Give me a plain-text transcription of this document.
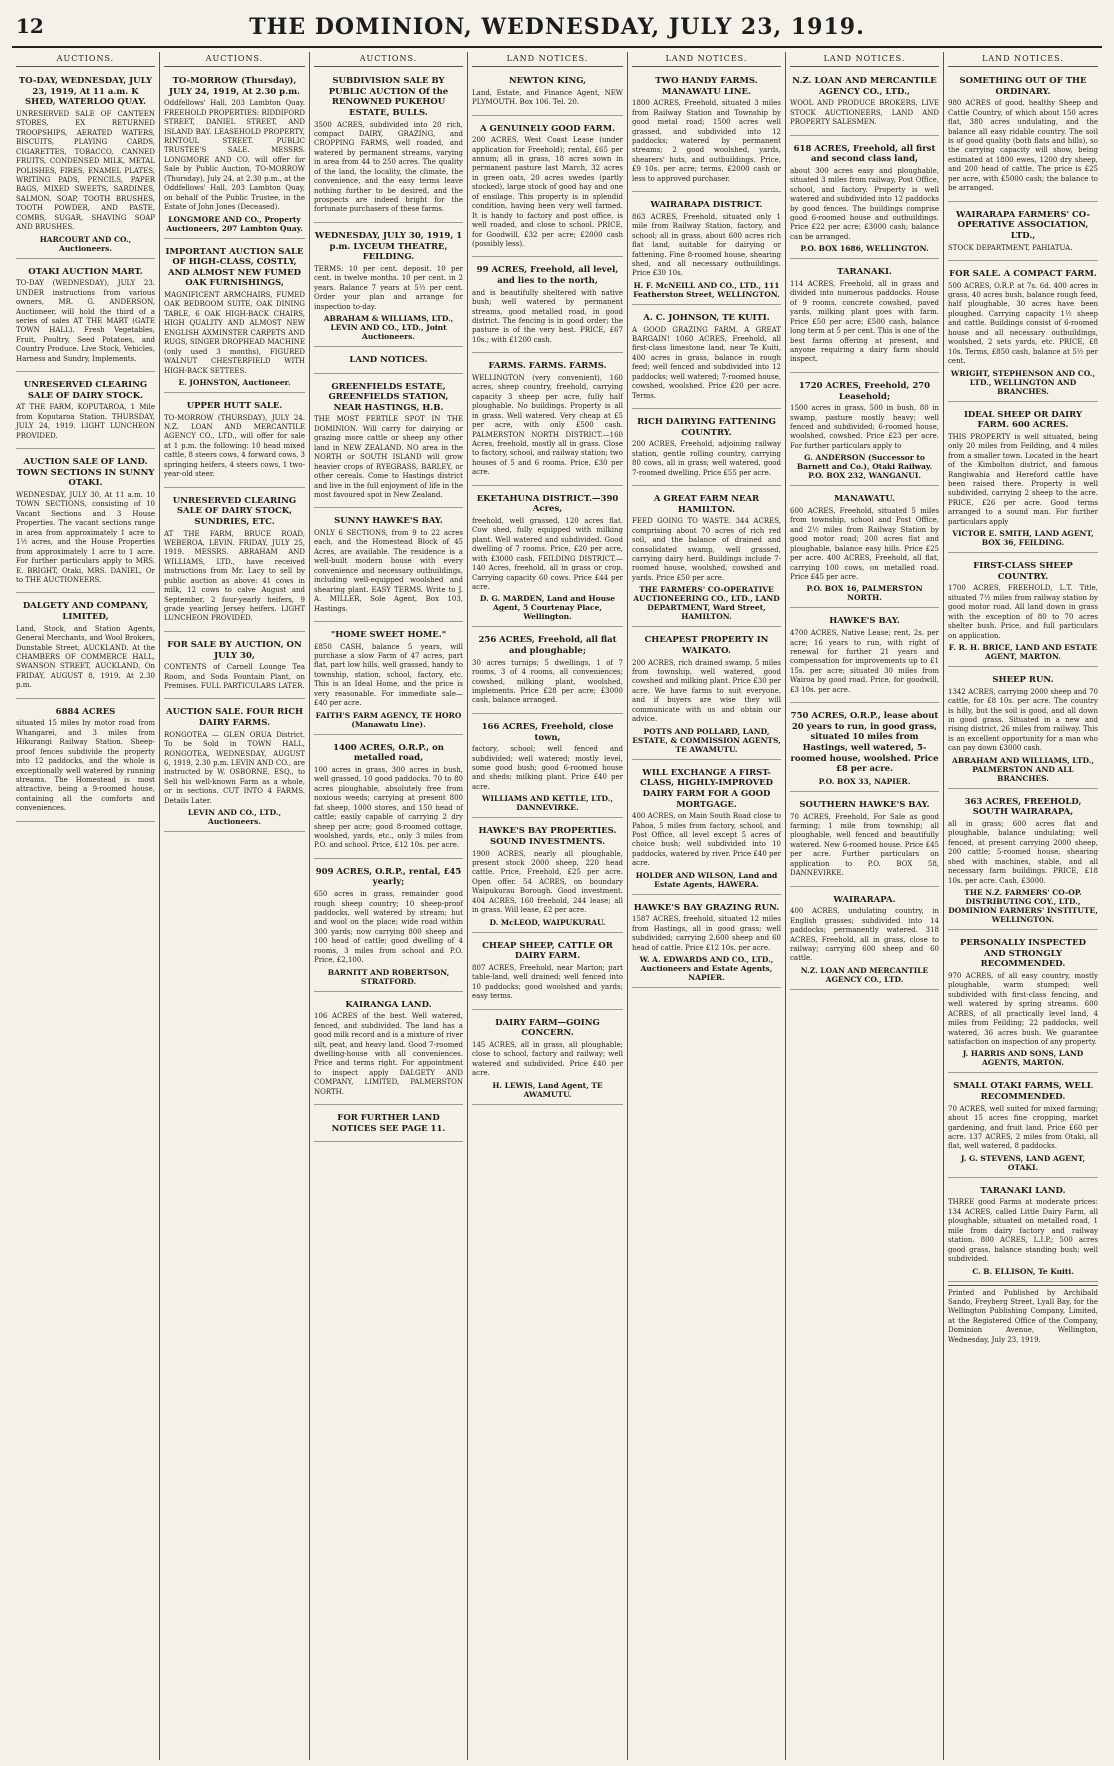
12	THE DOMINION, WEDNESDAY, JULY 23, 1919.
AUCTIONS.
TO-DAY, WEDNESDAY, JULY 23, 1919, At 11 a.m. K SHED, WATERLOO QUAY.
UNRESERVED SALE OF CANTEEN STORES, EX RETURNED TROOPSHIPS, AERATED WATERS, BISCUITS, PLAYING CARDS, CIGARETTES, TOBACCO, CANNED FRUITS, CONDENSED MILK, METAL POLISHES, FIRES, ENAMEL PLATES, WRITING PADS, PENCILS, PAPER BAGS, MIXED SWEETS, SARDINES, SALMON, SOAP, TOOTH BRUSHES, TOOTH POWDER, AND PASTE, COMBS, SUGAR, SHAVING SOAP AND BRUSHES.
HARCOURT AND CO., Auctioneers.
OTAKI AUCTION MART.
TO-DAY (WEDNESDAY), JULY 23. UNDER instructions from various owners, MR. G. ANDERSON, Auctioneer, will hold the third of a series of sales AT THE MART (GATE TOWN HALL). Fresh Vegetables, Fruit, Poultry, Seed Potatoes, and Country Produce. Live Stock, Vehicles, Harness and Sundry, Implements.
UNRESERVED CLEARING SALE OF DAIRY STOCK.
AT THE FARM, KOPUTAROA, 1 Mile from Koputaroa Station. THURSDAY, JULY 24, 1919. LIGHT LUNCHEON PROVIDED.
AUCTION SALE OF LAND. TOWN SECTIONS IN SUNNY OTAKI.
WEDNESDAY, JULY 30, At 11 a.m. 10 TOWN SECTIONS, consisting of 10 Vacant Sections and 3 House Properties. The vacant sections range in area from approximately 1 acre to 1½ acres, and the House Properties from approximately 1 acre to 1 acre. For further particulars apply to MRS. E. BRIGHT, Otaki, MRS. DANIEL, Or to THE AUCTIONEERS.
DALGETY AND COMPANY, LIMITED,
Land, Stock, and Station Agents, General Merchants, and Wool Brokers, Dunstable Street, AUCKLAND. At the CHAMBERS OF COMMERCE HALL, SWANSON STREET, AUCKLAND, On FRIDAY, AUGUST 8, 1919, At 2.30 p.m.
6884 ACRES
situated 15 miles by motor road from Whangarei, and 3 miles from Hikurangi Railway Station. Sheep-proof fences subdivide the property into 12 paddocks, and the whole is exceptionally well watered by running streams. The Homestead is most attractive, being a 9-roomed house, containing all the comforts and conveniences.
AUCTIONS.
TO-MORROW (Thursday), JULY 24, 1919, At 2.30 p.m.
Oddfellows' Hall, 203 Lambton Quay. FREEHOLD PROPERTIES: RIDDIFORD STREET, DANIEL STREET, AND ISLAND BAY. LEASEHOLD PROPERTY, RINTOUL STREET. PUBLIC TRUSTEE'S SALE. MESSRS. LONGMORE AND CO. will offer for Sale by Public Auction, TO-MORROW (Thursday), July 24, at 2.30 p.m., at the Oddfellows' Hall, 203 Lambton Quay, on behalf of the Public Trustee, in the Estate of John Jones (Deceased).
LONGMORE AND CO., Property Auctioneers, 207 Lambton Quay.
IMPORTANT AUCTION SALE OF HIGH-CLASS, COSTLY, AND ALMOST NEW FUMED OAK FURNISHINGS,
MAGNIFICENT ARMCHAIRS, FUMED OAK BEDROOM SUITE, OAK DINING TABLE, 6 OAK HIGH-BACK CHAIRS, HIGH QUALITY AND ALMOST NEW ENGLISH AXMINSTER CARPETS AND RUGS, SINGER DROPHEAD MACHINE (only used 3 months), FIGURED WALNUT CHESTERFIELD WITH HIGH-BACK SETTEES.
E. JOHNSTON, Auctioneer.
UPPER HUTT SALE.
TO-MORROW (THURSDAY), JULY 24. N.Z. LOAN AND MERCANTILE AGENCY CO., LTD., will offer for sale at 1 p.m. the following: 10 head mixed cattle, 8 steers cows, 4 forward cows, 3 springing heifers, 4 steers cows, 1 two-year-old steer.
UNRESERVED CLEARING SALE OF DAIRY STOCK, SUNDRIES, ETC.
AT THE FARM, BRUCE ROAD, WEBEROA, LEVIN. FRIDAY, JULY 25, 1919. MESSRS. ABRAHAM AND WILLIAMS, LTD., have received instructions from Mr. Lacy to sell by public auction as above: 41 cows in milk, 12 cows to calve August and September, 2 four-yearly heifers, 9 grade yearling Jersey heifers. LIGHT LUNCHEON PROVIDED.
FOR SALE BY AUCTION, ON JULY 30,
CONTENTS of Carnell Lounge Tea Room, and Soda Fountain Plant, on Premises. FULL PARTICULARS LATER.
AUCTION SALE. FOUR RICH DAIRY FARMS.
RONGOTEA — GLEN ORUA District. To be Sold in TOWN HALL, RONGOTEA, WEDNESDAY, AUGUST 6, 1919, 2.30 p.m. LEVIN AND CO., are instructed by W. OSBORNE, ESQ., to Sell his well-known Farm as a whole, or in sections. CUT INTO 4 FARMS. Details Later.
LEVIN AND CO., LTD., Auctioneers.
AUCTIONS.
SUBDIVISION SALE BY PUBLIC AUCTION Of the RENOWNED PUKEHOU ESTATE, BULLS.
3500 ACRES, subdivided into 20 rich, compact DAIRY, GRAZING, and CROPPING FARMS, well roaded, and watered by permanent streams, varying in area from 44 to 250 acres. The quality of the land, the locality, the climate, the convenience, and the easy terms leave nothing further to be desired, and the prospects are indeed bright for the fortunate purchasers of these farms.
WEDNESDAY, JULY 30, 1919, 1 p.m. LYCEUM THEATRE, FEILDING.
TERMS: 10 per cent. deposit. 10 per cent. in twelve months. 10 per cent. in 2 years. Balance 7 years at 5½ per cent. Order your plan and arrange for inspection to-day.
ABRAHAM & WILLIAMS, LTD., LEVIN AND CO., LTD., Joint Auctioneers.
LAND NOTICES.
GREENFIELDS ESTATE, GREENFIELDS STATION, NEAR HASTINGS, H.B.
THE MOST FERTILE SPOT IN THE DOMINION. Will carry for dairying or grazing more cattle or sheep any other land in NEW ZEALAND. NO area in the NORTH or SOUTH ISLAND will grow heavier crops of RYEGRASS, BARLEY, or other cereals. Come to Hastings district and live in the full enjoyment of life in the most favoured spot in New Zealand.
SUNNY HAWKE'S BAY.
ONLY 6 SECTIONS, from 9 to 22 acres each, and the Homestead Block of 45 Acres, are available. The residence is a well-built modern house with every convenience and necessary outbuildings, including well-equipped woolshed and shearing plant. EASY TERMS. Write to J. A. MILLER, Sole Agent, Box 103, Hastings.
"HOME SWEET HOME."
£850 CASH, balance 5 years, will purchase a slow Farm of 47 acres, part flat, part low hills, well grassed, handy to township, station, school, factory, etc. This is an Ideal Home, and the price is very reasonable. For immediate sale—£40 per acre.
FAITH'S FARM AGENCY, TE HORO (Manawatu Line).
1400 ACRES, O.R.P., on metalled road,
100 acres in grass, 300 acres in bush, well grassed, 10 good paddocks. 70 to 80 acres ploughable, absolutely free from noxious weeds; carrying at present 800 fat sheep, 1000 stores, and 150 head of cattle; easily capable of carrying 2 dry sheep per acre; good 8-roomed cottage, woolshed, yards, etc., only 3 miles from P.O. and school. Price, £12 10s. per acre.
909 ACRES, O.R.P., rental, £45 yearly;
650 acres in grass, remainder good rough sheep country; 10 sheep-proof paddocks, well watered by stream; hut and wool on the place; wide road within 300 yards; now carrying 800 sheep and 100 head of cattle; good dwelling of 4 rooms, 3 miles from school and P.O. Price, £2,100.
BARNITT AND ROBERTSON, STRATFORD.
KAIRANGA LAND.
106 ACRES of the best. Well watered, fenced, and subdivided. The land has a good milk record and is a mixture of river silt, peat, and heavy land. Good 7-roomed dwelling-house with all conveniences. Price and terms right. For appointment to inspect apply DALGETY AND COMPANY, LIMITED, PALMERSTON NORTH.
FOR FURTHER LAND NOTICES SEE PAGE 11.
LAND NOTICES.
NEWTON KING,
Land, Estate, and Finance Agent, NEW PLYMOUTH. Box 106. Tel. 20.
A GENUINELY GOOD FARM.
200 ACRES, West Coast Lease (under application for Freehold); rental, £65 per annum; all in grass, 18 acres sown in permanent pasture last March, 32 acres in green oats, 20 acres swedes (partly stocked), large stock of good hay and one of ensilage. This property is in splendid condition, having been very well farmed. It is handy to factory and post office, is well roaded, and close to school. PRICE, for Goodwill, £32 per acre; £2000 cash (possibly less).
99 ACRES, Freehold, all level, and lies to the north,
and is beautifully sheltered with native bush; well watered by permanent streams, good metalled road, in good district. The fencing is in good order; the pasture is of the very best. PRICE, £67 10s.; with £1200 cash.
FARMS. FARMS. FARMS.
WELLINGTON (very convenient), 160 acres, sheep country, freehold, carrying capacity 3 sheep per acre, fully half ploughable. No buildings. Property is all in grass. Well watered. Very cheap at £5 per acre, with only £500 cash. PALMERSTON NORTH DISTRICT.—160 Acres, freehold, mostly all in grass. Close to factory, school, and railway station; two houses of 5 and 6 rooms. Price, £30 per acre.
EKETAHUNA DISTRICT.—390 Acres,
freehold, well grassed, 120 acres flat. Cow shed, fully equipped with milking plant. Well watered and subdivided. Good dwelling of 7 rooms. Price, £20 per acre, with £3000 cash. FEILDING DISTRICT.—140 Acres, freehold, all in grass or crop. Carrying capacity 60 cows. Price £44 per acre.
D. G. MARDEN, Land and House Agent, 5 Courtenay Place, Wellington.
256 ACRES, Freehold, all flat and ploughable;
30 acres turnips; 5 dwellings, 1 of 7 rooms, 3 of 4 rooms, all conveniences; cowshed, milking plant, woolshed, implements. Price £28 per acre; £3000 cash, balance arranged.
166 ACRES, Freehold, close town,
factory, school; well fenced and subdivided; well watered; mostly level, some good bush; good 6-roomed house and sheds; milking plant. Price £40 per acre.
WILLIAMS AND KETTLE, LTD., DANNEVIRKE.
HAWKE'S BAY PROPERTIES. SOUND INVESTMENTS.
1900 ACRES, nearly all ploughable, present stock 2000 sheep, 220 head cattle. Price, Freehold, £25 per acre. Open offer. 54 ACRES, on boundary Waipukurau Borough. Good investment. 404 ACRES, 160 freehold, 244 lease; all in grass. Will lease, £2 per acre.
D. McLEOD, WAIPUKURAU.
CHEAP SHEEP, CATTLE OR DAIRY FARM.
807 ACRES, Freehold, near Marton; part table-land, well drained; well fenced into 10 paddocks; good woolshed and yards; easy terms.
DAIRY FARM—GOING CONCERN.
145 ACRES, all in grass, all ploughable; close to school, factory and railway; well watered and subdivided. Price £40 per acre.
H. LEWIS, Land Agent, TE AWAMUTU.
LAND NOTICES.
TWO HANDY FARMS. MANAWATU LINE.
1800 ACRES, Freehold, situated 3 miles from Railway Station and Township by good metal road; 1500 acres well grassed, and subdivided into 12 paddocks; watered by permanent streams; 2 good woolshed, yards, shearers' huts, and outbuildings. Price, £9 10s. per acre; terms, £2000 cash or less to approved purchaser.
WAIRARAPA DISTRICT.
863 ACRES, Freehold, situated only 1 mile from Railway Station, factory, and school; all in grass, about 600 acres rich flat land, suitable for dairying or fattening. Fine 8-roomed house, shearing shed, and all necessary outbuildings. Price £30 10s.
H. F. McNEILL AND CO., LTD., 111 Featherston Street, WELLINGTON.
A. C. JOHNSON, TE KUITI.
A GOOD GRAZING FARM. A GREAT BARGAIN! 1060 ACRES, Freehold, all first-class limestone land, near Te Kuiti, 400 acres in grass, balance in rough feed; well fenced and subdivided into 12 paddocks; well watered; 7-roomed house, cowshed, woolshed. Price £20 per acre. Terms.
RICH DAIRYING FATTENING COUNTRY.
200 ACRES, Freehold, adjoining railway station, gentle rolling country, carrying 80 cows, all in grass; well watered, good 7-roomed dwelling. Price £55 per acre.
A GREAT FARM NEAR HAMILTON.
FEED GOING TO WASTE. 344 ACRES, comprising about 70 acres of rich red soil, and the balance of drained and consolidated swamp, well grassed, carrying dairy herd. Buildings include 7-roomed house, woolshed, cowshed and yards. Price £50 per acre.
THE FARMERS' CO-OPERATIVE AUCTIONEERING CO., LTD., LAND DEPARTMENT, Ward Street, HAMILTON.
CHEAPEST PROPERTY IN WAIKATO.
200 ACRES, rich drained swamp, 5 miles from township, well watered, good cowshed and milking plant. Price £30 per acre. We have farms to suit everyone, and if buyers are wise they will communicate with us and obtain our advice.
POTTS AND POLLARD, LAND, ESTATE, & COMMISSION AGENTS, TE AWAMUTU.
WILL EXCHANGE A FIRST-CLASS, HIGHLY-IMPROVED DAIRY FARM FOR A GOOD MORTGAGE.
400 ACRES, on Main South Road close to Pahoa, 5 miles from factory, school, and Post Office, all level except 5 acres of choice bush; well subdivided into 10 paddocks, watered by river. Price £40 per acre.
HOLDER AND WILSON, Land and Estate Agents, HAWERA.
HAWKE'S BAY GRAZING RUN.
1587 ACRES, freehold, situated 12 miles from Hastings, all in good grass; well subdivided; carrying 2,600 sheep and 60 head of cattle. Price £12 10s. per acre.
W. A. EDWARDS AND CO., LTD., Auctioneers and Estate Agents, NAPIER.
LAND NOTICES.
N.Z. LOAN AND MERCANTILE AGENCY CO., LTD.,
WOOL AND PRODUCE BROKERS, LIVE STOCK AUCTIONEERS, LAND AND PROPERTY SALESMEN.
618 ACRES, Freehold, all first and second class land,
about 300 acres easy and ploughable, situated 3 miles from railway, Post Office, school, and factory. Property is well watered and subdivided into 12 paddocks by good fences. The buildings comprise good 6-roomed house and outbuildings. Price £22 per acre; £3000 cash; balance can be arranged.
P.O. BOX 1686, WELLINGTON.
TARANAKI.
114 ACRES, Freehold, all in grass and divided into numerous paddocks. House of 9 rooms, concrete cowshed, paved yards, milking plant goes with farm. Price £50 per acre; £500 cash, balance long term at 5 per cent. This is one of the best farms offering at present, and anyone requiring a dairy farm should inspect.
1720 ACRES, Freehold, 270 Leasehold;
1500 acres in grass, 500 in bush, 80 in swamp, pasture mostly heavy; well fenced and subdivided; 6-roomed house, woolshed, cowshed. Price £23 per acre. For further particulars apply to
G. ANDERSON (Successor to Barnett and Co.), Otaki Railway. P.O. BOX 232, WANGANUI.
MANAWATU.
600 ACRES, Freehold, situated 5 miles from township, school and Post Office, and 2½ miles from Railway Station by good motor road; 200 acres flat and ploughable, balance easy hills. Price £25 per acre. 400 ACRES, Freehold, all flat, carrying 100 cows, on metalled road. Price £45 per acre.
P.O. BOX 16, PALMERSTON NORTH.
HAWKE'S BAY.
4700 ACRES, Native Lease; rent, 2s. per acre; 16 years to run, with right of renewal for further 21 years and compensation for improvements up to £1 15s. per acre; situated 30 miles from Wairoa by good road. Price, for goodwill, £3 10s. per acre.
750 ACRES, O.R.P., lease about 20 years to run, in good grass, situated 10 miles from Hastings, well watered, 5-roomed house, woolshed. Price £8 per acre.
P.O. BOX 33, NAPIER.
SOUTHERN HAWKE'S BAY.
70 ACRES, Freehold, For Sale as good farming; 1 mile from township; all ploughable, well fenced and beautifully watered. New 6-roomed house. Price £45 per acre. Further particulars on application to P.O. BOX 58, DANNEVIRKE.
WAIRARAPA.
400 ACRES, undulating country, in English grasses; subdivided into 14 paddocks; permanently watered. 318 ACRES, Freehold, all in grass, close to railway; carrying 600 sheep and 60 cattle.
N.Z. LOAN AND MERCANTILE AGENCY CO., LTD.
LAND NOTICES.
SOMETHING OUT OF THE ORDINARY.
980 ACRES of good, healthy Sheep and Cattle Country, of which about 150 acres flat, 380 acres undulating, and the balance all easy ridable country. The soil is of good quality (both flats and hills), so the carrying capacity will show, being estimated at 1800 ewes, 1200 dry sheep, and 200 head of cattle. The price is £25 per acre, with £5000 cash; the balance to be arranged.
WAIRARAPA FARMERS' CO-OPERATIVE ASSOCIATION, LTD.,
STOCK DEPARTMENT, PAHIATUA.
FOR SALE. A COMPACT FARM.
500 ACRES, O.R.P. at 7s. 6d. 400 acres in grass, 40 acres bush, balance rough feed, half ploughable, 30 acres have been ploughed. Carrying capacity 1½ sheep and cattle. Buildings consist of 6-roomed house and all necessary outbuildings, woolshed, 2 sets yards, etc. PRICE, £8 10s. Terms, £850 cash, balance at 5½ per cent.
WRIGHT, STEPHENSON AND CO., LTD., WELLINGTON AND BRANCHES.
IDEAL SHEEP OR DAIRY FARM. 600 ACRES.
THIS PROPERTY is well situated, being only 20 miles from Feilding, and 4 miles from a smaller town. Located in the heart of the Kimbolton district, and famous Rangiwahia and Hereford cattle have been raised there. Property is well subdivided, carrying 2 sheep to the acre. PRICE, £26 per acre. Good terms arranged to a sound man. For further particulars apply
VICTOR E. SMITH, LAND AGENT, BOX 36, FEILDING.
FIRST-CLASS SHEEP COUNTRY.
1700 ACRES, FREEHOLD, L.T. Title, situated 7½ miles from railway station by good motor road. All land down in grass with the exception of 80 to 70 acres shelter bush. Price, and full particulars on application.
F. R. H. BRICE, LAND AND ESTATE AGENT, MARTON.
SHEEP RUN.
1342 ACRES, carrying 2000 sheep and 70 cattle, for £8 10s. per acre. The country is hilly, but the soil is good, and all down in good grass. Situated in a new and rising district, 26 miles from railway. This is an excellent opportunity for a man who can pay down £3000 cash.
ABRAHAM AND WILLIAMS, LTD., PALMERSTON AND ALL BRANCHES.
363 ACRES, FREEHOLD, SOUTH WAIRARAPA,
all in grass; 600 acres flat and ploughable, balance undulating; well fenced, at present carrying 2000 sheep, 200 cattle; 5-roomed house, shearing shed with machines, stable, and all necessary farm buildings. PRICE, £18 10s. per acre. Cash, £3000.
THE N.Z. FARMERS' CO-OP. DISTRIBUTING COY., LTD., DOMINION FARMERS' INSTITUTE, WELLINGTON.
PERSONALLY INSPECTED AND STRONGLY RECOMMENDED.
970 ACRES, of all easy country, mostly ploughable, warm stumped; well subdivided with first-class fencing, and well watered by spring streams. 600 ACRES, of all practically level land, 4 miles from Feilding; 22 paddocks, well watered, 36 acres bush. We guarantee satisfaction on inspection of any property.
J. HARRIS AND SONS, LAND AGENTS, MARTON.
SMALL OTAKI FARMS, WELL RECOMMENDED.
70 ACRES, well suited for mixed farming; about 15 acres fine cropping, market gardening, and fruit land. Price £60 per acre. 137 ACRES, 2 miles from Otaki, all flat, well watered, 8 paddocks.
J. G. STEVENS, LAND AGENT, OTAKI.
TARANAKI LAND.
THREE good Farms at moderate prices: 134 ACRES, called Little Dairy Farm, all ploughable, situated on metalled road, 1 mile from dairy factory and railway station. 800 ACRES, L.I.P.; 500 acres good grass, balance standing bush; well subdivided.
C. B. ELLISON, Te Kuiti.
Printed and Published by Archibald Sando, Freyberg Street, Lyall Bay, for the Wellington Publishing Company, Limited, at the Registered Office of the Company, Dominion Avenue, Wellington, Wednesday, July 23, 1919.
